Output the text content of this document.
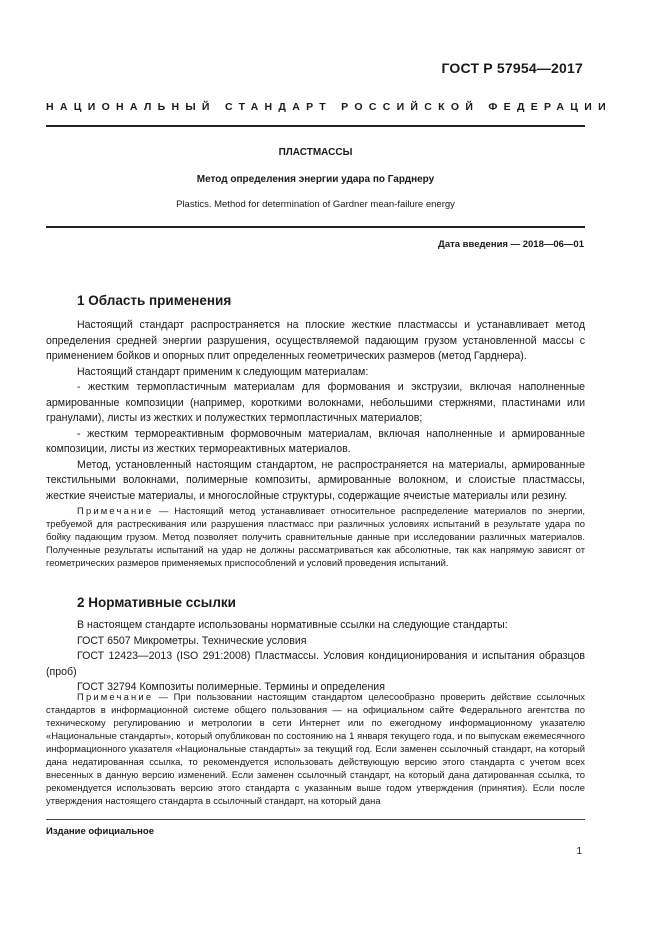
ГОСТ Р 57954—2017
НАЦИОНАЛЬНЫЙ СТАНДАРТ РОССИЙСКОЙ ФЕДЕРАЦИИ
ПЛАСТМАССЫ
Метод определения энергии удара по Гарднеру
Plastics. Method for determination of Gardner mean-failure energy
Дата введения — 2018—06—01
1 Область применения

Настоящий стандарт распространяется на плоские жесткие пластмассы и устанавливает метод определения средней энергии разрушения, осуществляемой падающим грузом установленной массы с применением бойков и опорных плит определенных геометрических размеров (метод Гарднера).

Настоящий стандарт применим к следующим материалам:

- жестким термопластичным материалам для формования и экструзии, включая наполненные армированные композиции (например, короткими волокнами, небольшими стержнями, пластинами или гранулами), листы из жестких и полужестких термопластичных материалов;

- жестким термореактивным формовочным материалам, включая наполненные и армированные композиции, листы из жестких термореактивных материалов.

Метод, установленный настоящим стандартом, не распространяется на материалы, армированные текстильными волокнами, полимерные композиты, армированные волокном, и слоистые пластмассы, жесткие ячеистые материалы, и многослойные структуры, содержащие ячеистые материалы или резину.

Примечание — Настоящий метод устанавливает относительное распределение материалов по энергии, требуемой для растрескивания или разрушения пластмасс при различных условиях испытаний в результате удара по бойку падающим грузом. Метод позволяет получить сравнительные данные при исследовании различных материалов. Полученные результаты испытаний на удар не должны рассматриваться как абсолютные, так как напрямую зависят от геометрических размеров применяемых приспособлений и условий проведения испытаний.

2 Нормативные ссылки

В настоящем стандарте использованы нормативные ссылки на следующие стандарты:

ГОСТ 6507 Микрометры. Технические условия

ГОСТ 12423—2013 (ISO 291:2008) Пластмассы. Условия кондиционирования и испытания образцов (проб)

ГОСТ 32794 Композиты полимерные. Термины и определения

Примечание — При пользовании настоящим стандартом целесообразно проверить действие ссылочных стандартов в информационной системе общего пользования — на официальном сайте Федерального агентства по техническому регулированию и метрологии в сети Интернет или по ежегодному информационному указателю «Национальные стандарты», который опубликован по состоянию на 1 января текущего года, и по выпускам ежемесячного информационного указателя «Национальные стандарты» за текущий год. Если заменен ссылочный стандарт, на который дана недатированная ссылка, то рекомендуется использовать действующую версию этого стандарта с учетом всех внесенных в данную версию изменений. Если заменен ссылочный стандарт, на который дана датированная ссылка, то рекомендуется использовать версию этого стандарта с указанным выше годом утверждения (принятия). Если после утверждения настоящего стандарта в ссылочный стандарт, на который дана

Издание официальное
1
